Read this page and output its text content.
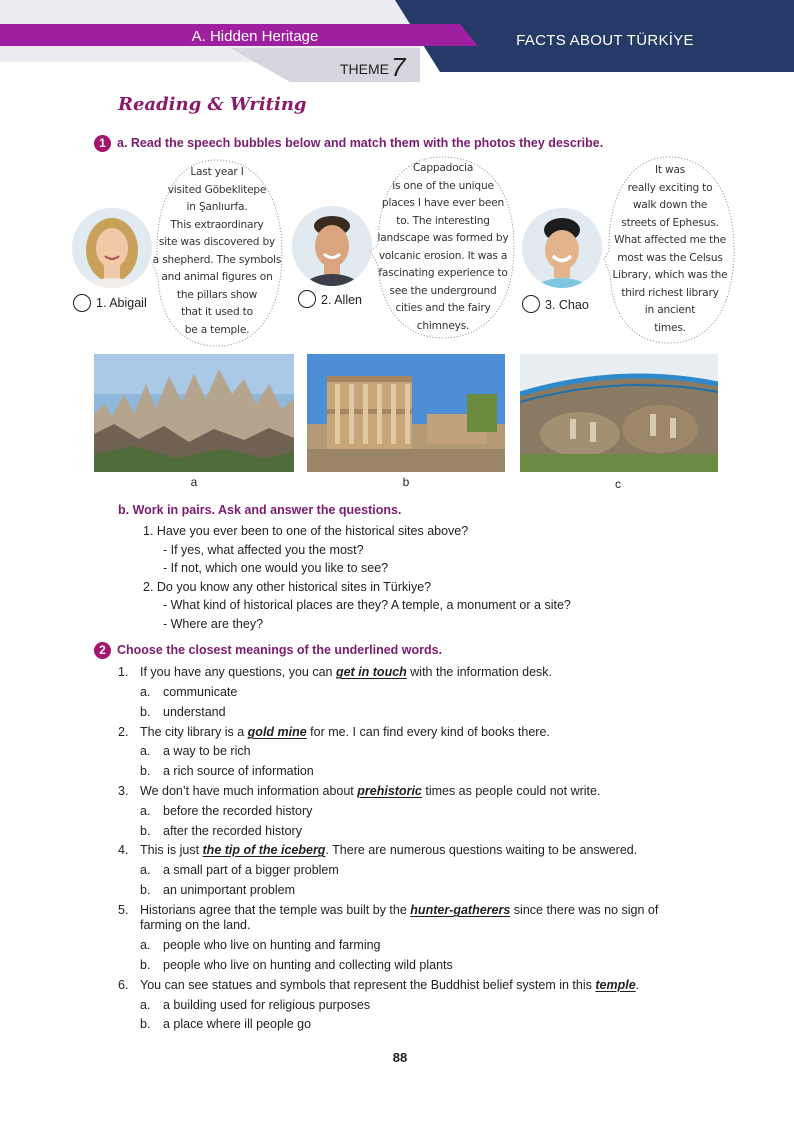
A. Hidden Heritage	FACTS ABOUT TÜRKİYE
THEME7
Reading & Writing
1 a. Read the speech bubbles below and match them with the photos they describe.
1. Abigail
Last year I
visited Göbeklitepe
in Şanlıurfa.
This extraordinary
site was discovered by
a shepherd. The symbols
and animal figures on
the pillars show
that it used to
be a temple.
2. Allen
Cappadocia
is one of the unique
places I have ever been
to. The interesting
landscape was formed by
volcanic erosion. It was a
fascinating experience to
see the underground
cities and the fairy
chimneys.
3. Chao
It was
really exciting to
walk down the
streets of Ephesus.
What affected me the
most was the Celsus
Library, which was the
third richest library
in ancient
times.
a	b	c
b. Work in pairs. Ask and answer the questions.
1. Have you ever been to one of the historical sites above?
- If yes, what affected you the most?
- If not, which one would you like to see?
2. Do you know any other historical sites in Türkiye?
- What kind of historical places are they? A temple, a monument or a site?
- Where are they?
2 Choose the closest meanings of the underlined words.
1. If you have any questions, you can get in touch with the information desk.
a. communicate
b. understand
2. The city library is a gold mine for me. I can find every kind of books there.
a. a way to be rich
b. a rich source of information
3. We don’t have much information about prehistoric times as people could not write.
a. before the recorded history
b. after the recorded history
4. This is just the tip of the iceberg. There are numerous questions waiting to be answered.
a. a small part of a bigger problem
b. an unimportant problem
5. Historians agree that the temple was built by the hunter-gatherers since there was no sign of
farming on the land.
a. people who live on hunting and farming
b. people who live on hunting and collecting wild plants
6. You can see statues and symbols that represent the Buddhist belief system in this temple.
a. a building used for religious purposes
b. a place where ill people go
88
